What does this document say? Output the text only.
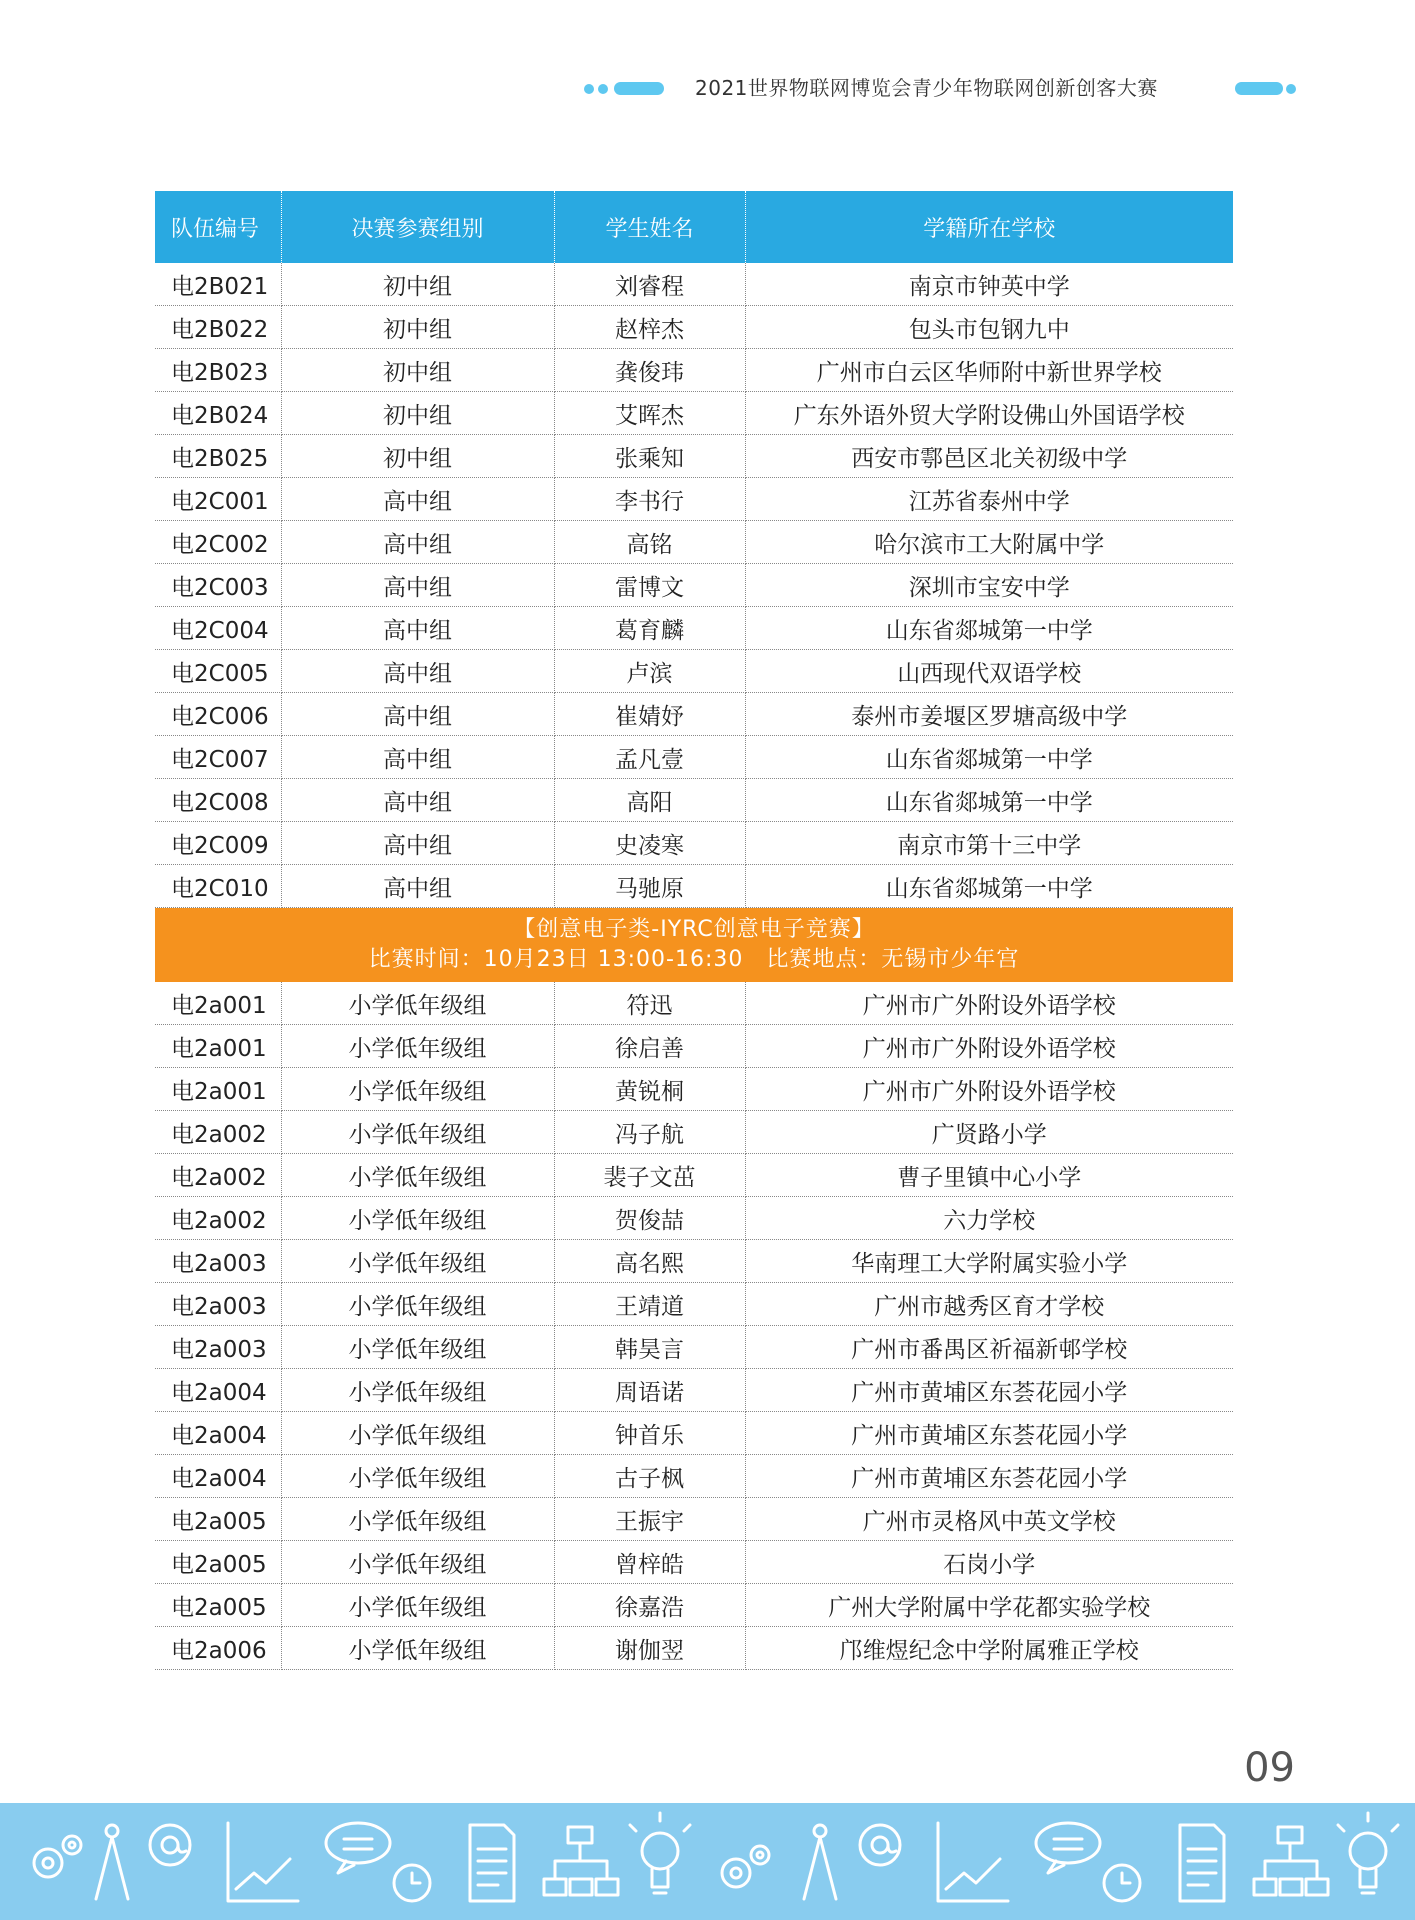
2021世界物联网博览会青少年物联网创新创客大赛
队伍编号	决赛参赛组别	学生姓名	学籍所在学校
电2B021	初中组	刘睿程	南京市钟英中学
电2B022	初中组	赵梓杰	包头市包钢九中
电2B023	初中组	龚俊玮	广州市白云区华师附中新世界学校
电2B024	初中组	艾晖杰	广东外语外贸大学附设佛山外国语学校
电2B025	初中组	张乘知	西安市鄠邑区北关初级中学
电2C001	高中组	李书行	江苏省泰州中学
电2C002	高中组	高铭	哈尔滨市工大附属中学
电2C003	高中组	雷博文	深圳市宝安中学
电2C004	高中组	葛育麟	山东省郯城第一中学
电2C005	高中组	卢滨	山西现代双语学校
电2C006	高中组	崔婧妤	泰州市姜堰区罗塘高级中学
电2C007	高中组	孟凡壹	山东省郯城第一中学
电2C008	高中组	高阳	山东省郯城第一中学
电2C009	高中组	史凌寒	南京市第十三中学
电2C010	高中组	马驰原	山东省郯城第一中学

【创意电子类-IYRC创意电子竞赛】
比赛时间：10月23日 13:00-16:30　比赛地点：无锡市少年宫			

电2a001	小学低年级组	符迅	广州市广外附设外语学校
电2a001	小学低年级组	徐启善	广州市广外附设外语学校
电2a001	小学低年级组	黄锐桐	广州市广外附设外语学校
电2a002	小学低年级组	冯子航	广贤路小学
电2a002	小学低年级组	裴子文茁	曹子里镇中心小学
电2a002	小学低年级组	贺俊喆	六力学校
电2a003	小学低年级组	高名熙	华南理工大学附属实验小学
电2a003	小学低年级组	王靖道	广州市越秀区育才学校
电2a003	小学低年级组	韩昊言	广州市番禺区祈福新邨学校
电2a004	小学低年级组	周语诺	广州市黄埔区东荟花园小学
电2a004	小学低年级组	钟首乐	广州市黄埔区东荟花园小学
电2a004	小学低年级组	古子枫	广州市黄埔区东荟花园小学
电2a005	小学低年级组	王振宇	广州市灵格风中英文学校
电2a005	小学低年级组	曾梓皓	石岗小学
电2a005	小学低年级组	徐嘉浩	广州大学附属中学花都实验学校
电2a006	小学低年级组	谢伽翌	邝维煜纪念中学附属雅正学校
09
